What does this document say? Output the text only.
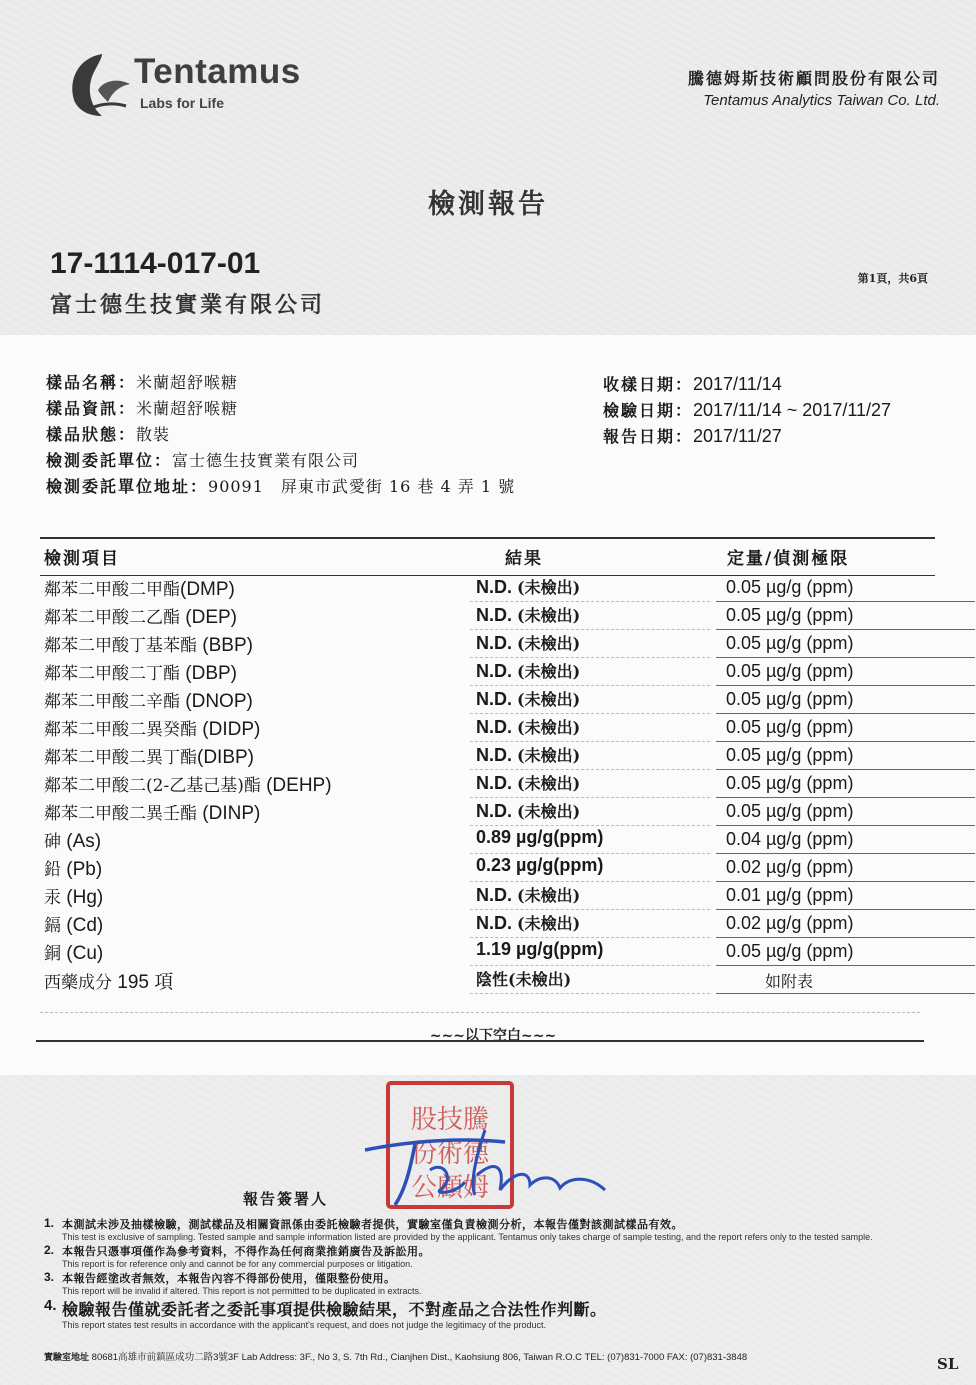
Tentamus
Labs for Life
騰德姆斯技術顧問股份有限公司
Tentamus Analytics Taiwan Co. Ltd.
檢測報告
17-1114-017-01
富士德生技實業有限公司
第1頁，共6頁
樣品名稱：米蘭超舒喉糖
樣品資訊：米蘭超舒喉糖
樣品狀態：散裝
檢測委託單位：富士德生技實業有限公司
檢測委託單位地址：90091　屏東市武愛街 16 巷 4 弄 1 號
收樣日期：2017/11/14
檢驗日期：2017/11/14 ~ 2017/11/27
報告日期：2017/11/27
檢測項目	結果	定量/偵測極限
鄰苯二甲酸二甲酯(DMP)	N.D. (未檢出)	0.05 µg/g (ppm)
鄰苯二甲酸二乙酯 (DEP)	N.D. (未檢出)	0.05 µg/g (ppm)
鄰苯二甲酸丁基苯酯 (BBP)	N.D. (未檢出)	0.05 µg/g (ppm)
鄰苯二甲酸二丁酯 (DBP)	N.D. (未檢出)	0.05 µg/g (ppm)
鄰苯二甲酸二辛酯 (DNOP)	N.D. (未檢出)	0.05 µg/g (ppm)
鄰苯二甲酸二異癸酯 (DIDP)	N.D. (未檢出)	0.05 µg/g (ppm)
鄰苯二甲酸二異丁酯(DIBP)	N.D. (未檢出)	0.05 µg/g (ppm)
鄰苯二甲酸二(2-乙基己基)酯 (DEHP)	N.D. (未檢出)	0.05 µg/g (ppm)
鄰苯二甲酸二異壬酯 (DINP)	N.D. (未檢出)	0.05 µg/g (ppm)
砷 (As)	0.89 µg/g(ppm)	0.04 µg/g (ppm)
鉛 (Pb)	0.23 µg/g(ppm)	0.02 µg/g (ppm)
汞 (Hg)	N.D. (未檢出)	0.01 µg/g (ppm)
鎘 (Cd)	N.D. (未檢出)	0.02 µg/g (ppm)
銅 (Cu)	1.19 µg/g(ppm)	0.05 µg/g (ppm)
西藥成分 195 項	陰性(未檢出)	如附表
~~~以下空白~~~
股技騰
份術德
公顧姆
報告簽署人
1. 本測試未涉及抽樣檢驗，測試樣品及相關資訊係由委託檢驗者提供，實驗室僅負責檢測分析，本報告僅對該測試樣品有效。
This test is exclusive of sampling. Tested sample and sample information listed are provided by the applicant. Tentamus only takes charge of sample testing, and the report refers only to the tested sample.
2. 本報告只憑事項僅作為參考資料，不得作為任何商業推銷廣告及訴訟用。
This report is for reference only and cannot be for any commercial purposes or litigation.
3. 本報告經塗改者無效，本報告內容不得部份使用，僅限整份使用。
This report will be invalid if altered. This report is not permitted to be duplicated in extracts.
4. 檢驗報告僅就委託者之委託事項提供檢驗結果，不對產品之合法性作判斷。
This report states test results in accordance with the applicant's request, and does not judge the legitimacy of the product.
實驗室地址 80681高雄市前鎮區成功二路3號3F Lab Address: 3F., No 3, S. 7th Rd., Cianjhen Dist., Kaohsiung 806, Taiwan R.O.C TEL: (07)831-7000 FAX: (07)831-3848	SL
